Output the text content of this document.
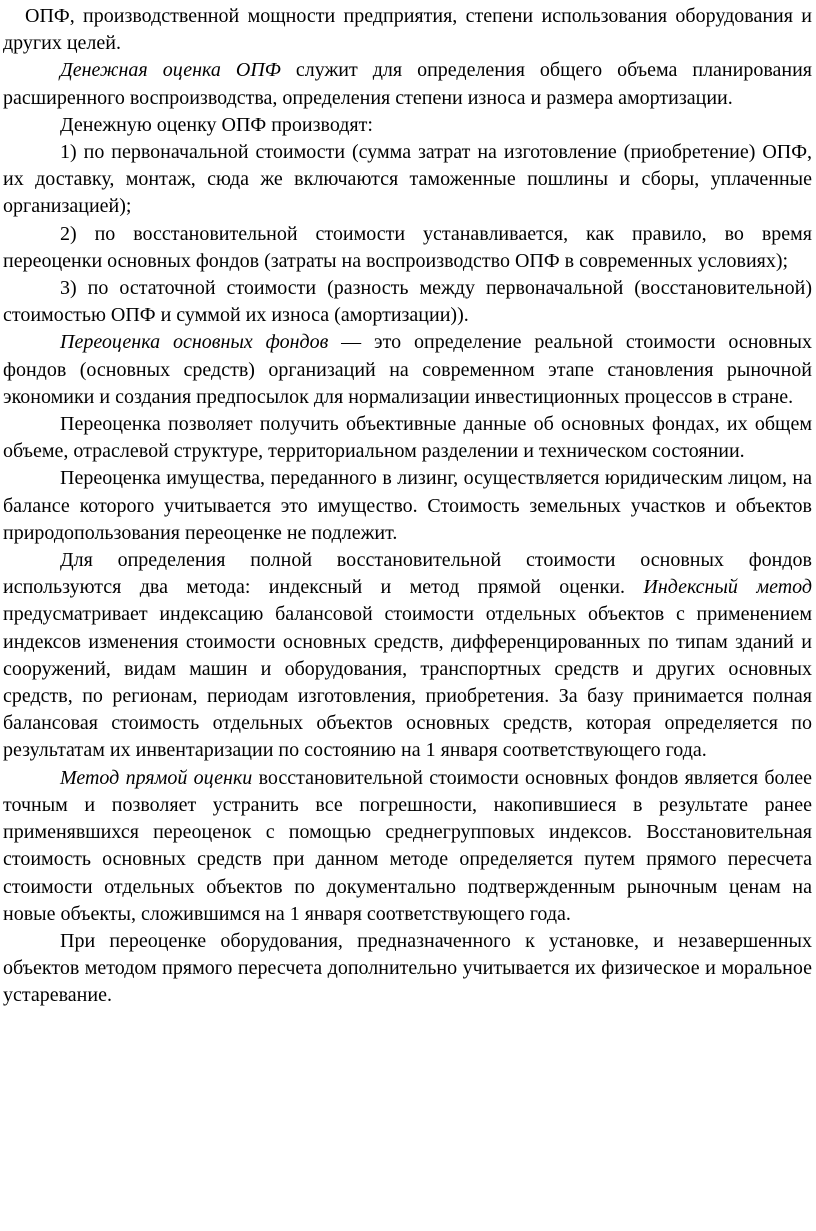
ОПФ, производственной мощности предприятия, степени использования оборудования и других целей.

Денежная оценка ОПФ служит для определения общего объема планирования расширенного воспроизводства, определения степени износа и размера амортизации.

Денежную оценку ОПФ производят:

1) по первоначальной стоимости (сумма затрат на изготовление (приобретение) ОПФ, их доставку, монтаж, сюда же включаются таможенные пошлины и сборы, уплаченные организацией);

2) по восстановительной стоимости устанавливается, как правило, во время переоценки основных фондов (затраты на воспроизводство ОПФ в современных условиях);

3) по остаточной стоимости (разность между первоначальной (восстановительной) стоимостью ОПФ и суммой их износа (амортизации)).

Переоценка основных фондов — это определение реальной стоимости основных фондов (основных средств) организаций на современном этапе становления рыночной экономики и создания предпосылок для нормализации инвестиционных процессов в стране.

Переоценка позволяет получить объективные данные об основных фондах, их общем объеме, отраслевой структуре, территориальном разделении и техническом состоянии.

Переоценка имущества, переданного в лизинг, осуществляется юридическим лицом, на балансе которого учитывается это имущество. Стоимость земельных участков и объектов природопользования переоценке не подлежит.

Для определения полной восстановительной стоимости основных фондов используются два метода: индексный и метод прямой оценки. Индексный метод предусматривает индексацию балансовой стоимости отдельных объектов с применением индексов изменения стоимости основных средств, дифференцированных по типам зданий и сооружений, видам машин и оборудования, транспортных средств и других основных средств, по регионам, периодам изготовления, приобретения. За базу принимается полная балансовая стоимость отдельных объектов основных средств, которая определяется по результатам их инвентаризации по состоянию на 1 января соответствующего года.

Метод прямой оценки восстановительной стоимости основных фондов является более точным и позволяет устранить все погрешности, накопившиеся в результате ранее применявшихся переоценок с помощью среднегрупповых индексов. Восстановительная стоимость основных средств при данном методе определяется путем прямого пересчета стоимости отдельных объектов по документально подтвержденным рыночным ценам на новые объекты, сложившимся на 1 января соответствующего года.

При переоценке оборудования, предназначенного к установке, и незавершенных объектов методом прямого пересчета дополнительно учитывается их физическое и моральное устаревание.
